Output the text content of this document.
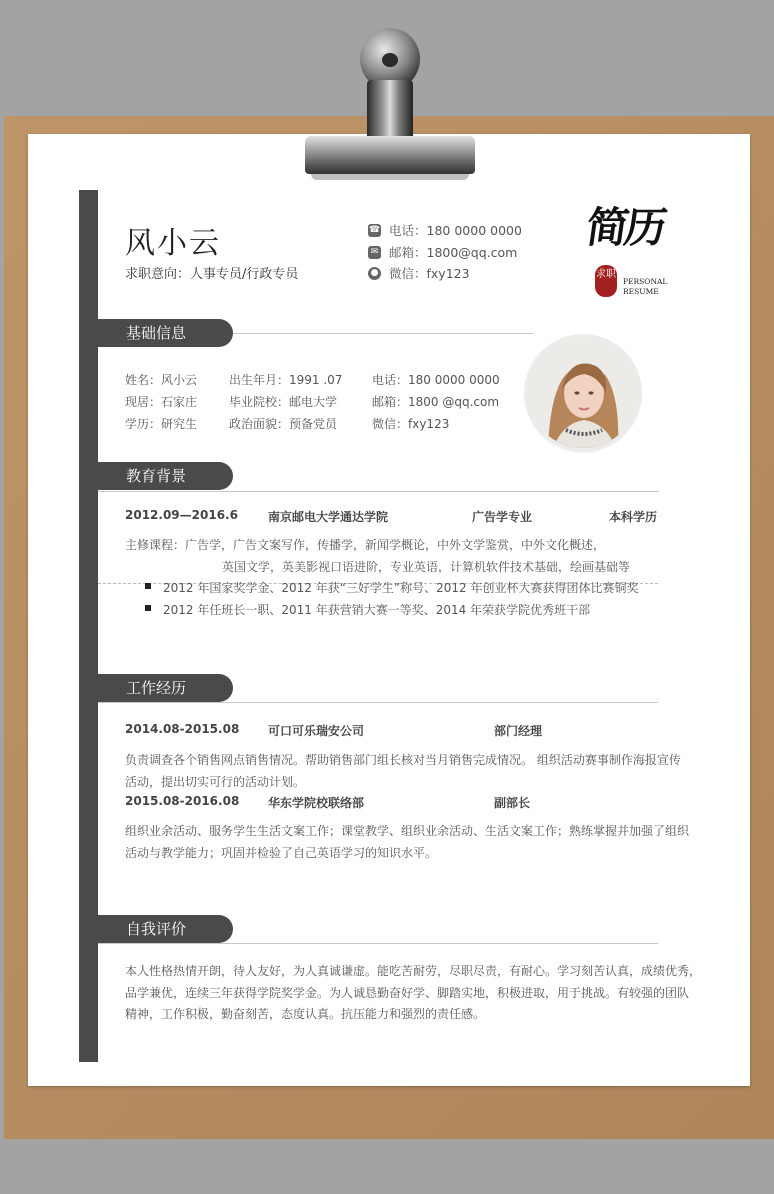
风小云
求职意向：人事专员/行政专员
☎ 电话：180 0000 0000
✉ 邮箱：1800@qq.com
● 微信：fxy123
简历
求职
PERSONAL
RESUME
基础信息
姓名：风小云	出生年月：1991 .07 电话：180 0000 0000
现居：石家庄	毕业院校：邮电大学	邮箱：1800 @qq.com
学历：研究生	政治面貌：预备党员	微信：fxy123
教育背景
2012.09—2016.6	南京邮电大学通达学院	广告学专业	本科学历
主修课程：广告学，广告文案写作，传播学，新闻学概论，中外文学鉴赏，中外文化概述，
英国文学，英美影视口语进阶，专业英语，计算机软件技术基础，绘画基础等
2012 年国家奖学金、2012 年获“三好学生”称号、2012 年创业杯大赛获得团体比赛铜奖
2012 年任班长一职、2011 年获营销大赛一等奖、2014 年荣获学院优秀班干部
工作经历
2014.08-2015.08 可口可乐瑞安公司	部门经理
负责调查各个销售网点销售情况。帮助销售部门组长核对当月销售完成情况。 组织活动赛事制作海报宣传
活动，提出切实可行的活动计划。
2015.08-2016.08 华东学院校联络部	副部长
组织业余活动、服务学生生活文案工作；课堂教学、组织业余活动、生活文案工作；熟练掌握并加强了组织
活动与教学能力；巩固并检验了自己英语学习的知识水平。
自我评价
本人性格热情开朗，待人友好，为人真诚谦虚。能吃苦耐劳，尽职尽责，有耐心。学习刻苦认真，成绩优秀，
品学兼优，连续三年获得学院奖学金。为人诚恳勤奋好学、脚踏实地，积极进取，用于挑战。有较强的团队
精神，工作积极，勤奋刻苦，态度认真。抗压能力和强烈的责任感。
